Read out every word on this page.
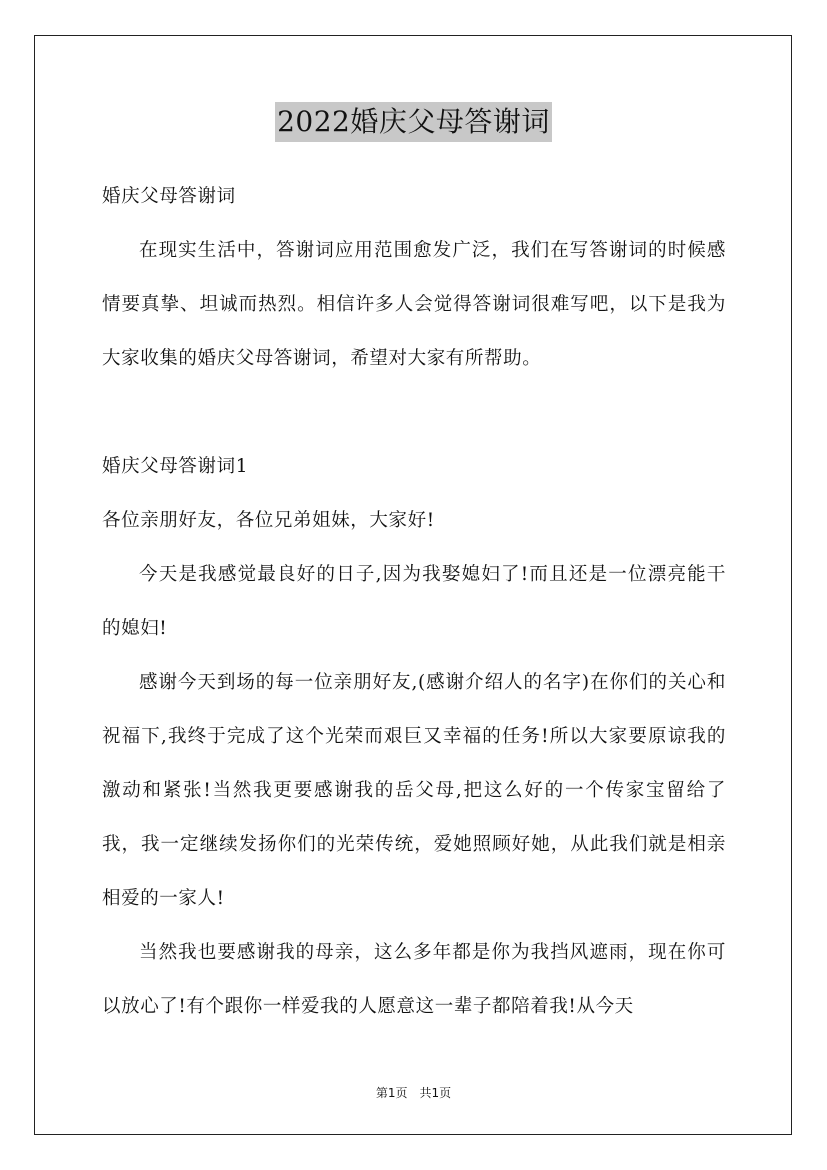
2022婚庆父母答谢词

婚庆父母答谢词

在现实生活中，答谢词应用范围愈发广泛，我们在写答谢词的时候感情要真挚、坦诚而热烈。相信许多人会觉得答谢词很难写吧，以下是我为大家收集的婚庆父母答谢词，希望对大家有所帮助。

婚庆父母答谢词1

各位亲朋好友，各位兄弟姐妹，大家好!

今天是我感觉最良好的日子,因为我娶媳妇了!而且还是一位漂亮能干的媳妇!

感谢今天到场的每一位亲朋好友,(感谢介绍人的名字)在你们的关心和祝福下,我终于完成了这个光荣而艰巨又幸福的任务!所以大家要原谅我的激动和紧张!当然我更要感谢我的岳父母,把这么好的一个传家宝留给了我，我一定继续发扬你们的光荣传统，爱她照顾好她，从此我们就是相亲相爱的一家人!

当然我也要感谢我的母亲，这么多年都是你为我挡风遮雨，现在你可以放心了!有个跟你一样爱我的人愿意这一辈子都陪着我!从今天

第1页　共1页
